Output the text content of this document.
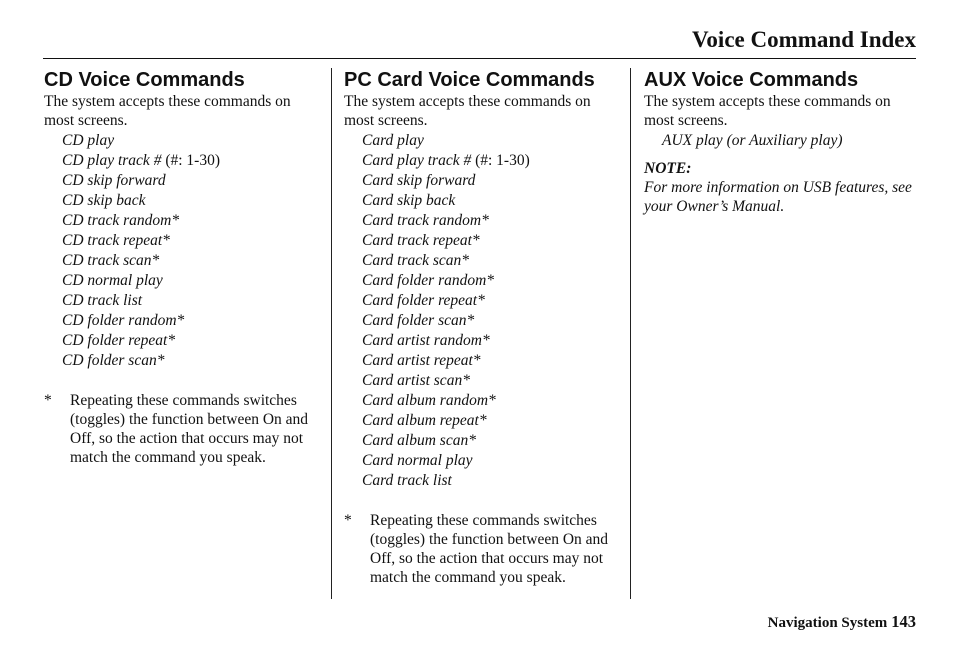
Voice Command Index
CD Voice Commands

The system accepts these commands on most screens.

CD play
CD play track # (#: 1-30)
CD skip forward
CD skip back
CD track random*
CD track repeat*
CD track scan*
CD normal play
CD track list
CD folder random*
CD folder repeat*
CD folder scan*
* Repeating these commands switches (toggles) the function between On and Off, so the action that occurs may not match the command you speak.
PC Card Voice Commands

The system accepts these commands on most screens.

Card play
Card play track # (#: 1-30)
Card skip forward
Card skip back
Card track random*
Card track repeat*
Card track scan*
Card folder random*
Card folder repeat*
Card folder scan*
Card artist random*
Card artist repeat*
Card artist scan*
Card album random*
Card album repeat*
Card album scan*
Card normal play
Card track list
* Repeating these commands switches (toggles) the function between On and Off, so the action that occurs may not match the command you speak.
AUX Voice Commands

The system accepts these commands on most screens.

AUX play (or Auxiliary play)
NOTE:
For more information on USB features, see your Owner’s Manual.
Navigation System 143
